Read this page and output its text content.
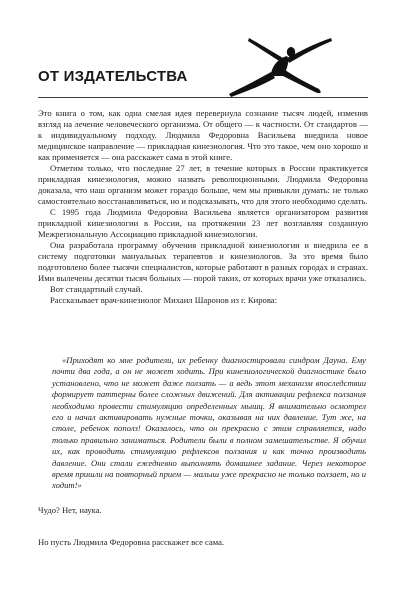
ОТ ИЗДАТЕЛЬСТВА

Это книга о том, как одна смелая идея перевернула сознание тысяч людей, изменив взгляд на лечение человеческого организма. От общего — к частности. От стандартов — к индивидуальному подходу. Людмила Федоровна Васильева внедрила новое медицинское направление — прикладная кинезиология. Что это такое, чем оно хорошо и как применяется — она расскажет сама в этой книге.

Отметим только, что последние 27 лет, в течение которых в России практикуется прикладная кинезиология, можно назвать революционными. Людмила Федоровна доказала, что наш организм может гораздо больше, чем мы привыкли думать: не только самостоятельно восстанавливаться, но и подсказывать, что для этого необходимо сделать.

С 1995 года Людмила Федоровна Васильева является организатором развития прикладной кинезиологии в России, на протяжении 23 лет возглавляя созданную Межрегиональную Ассоциацию прикладной кинезиологии.

Она разработала программу обучения прикладной кинезиологии и внедрила ее в систему подготовки мануальных терапевтов и кинезиологов. За это время было подготовлено более тысячи специалистов, которые работают в разных городах и странах. Ими вылечены десятки тысяч больных — порой таких, от которых врачи уже отказались.

Вот стандартный случай.

Рассказывает врач-кинезиолог Михаил Шаронов из г. Кирова:

«Приходят ко мне родители, их ребенку диагностировали синдром Дауна. Ему почти два года, а он не может ходить. При кинезиологической диагностике было установлено, что не может даже ползать — а ведь этот механизм впоследствии формирует паттерны более сложных движений. Для активации рефлекса ползания необходимо провести стимуляцию определенных мышц. Я внимательно осмотрел его и начал активировать нужные точки, оказывая на них давление. Тут же, на столе, ребенок пополз! Оказалось, что он прекрасно с этим справляется, надо только правильно заниматься. Родители были в полном замешательстве. Я обучил их, как проводить стимуляцию рефлексов ползания и как точно производить давление. Они стали ежедневно выполнять домашнее задание. Через некоторое время пришли на повторный прием — малыш уже прекрасно не только ползает, но и ходит!»

Чудо? Нет, наука.
Но пусть Людмила Федоровна расскажет все сама.
